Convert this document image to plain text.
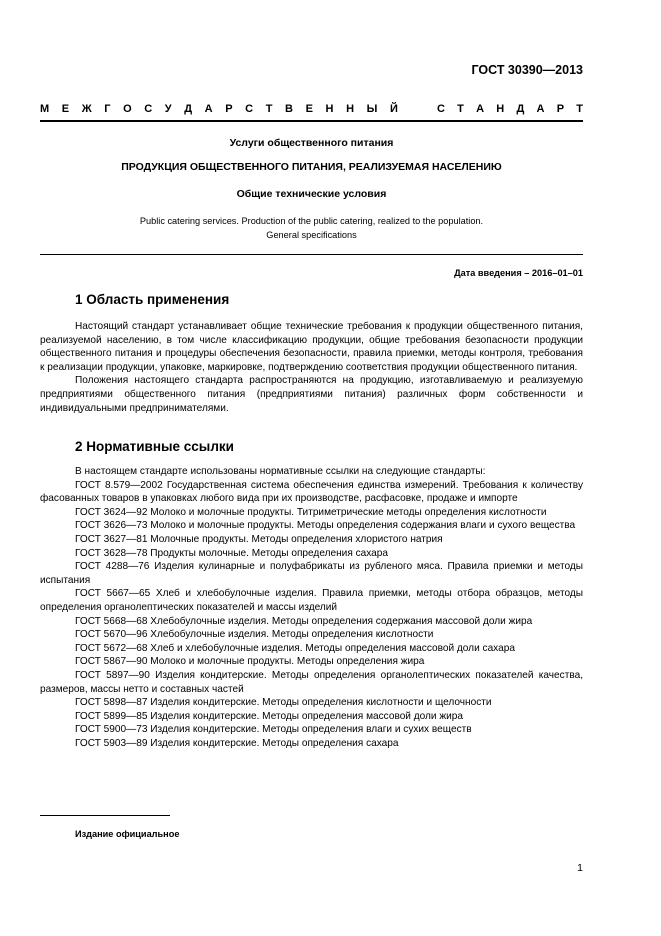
ГОСТ 30390—2013
М Е Ж Г О С У Д А Р С Т В Е Н Н Ы Й	С Т А Н Д А Р Т
Услуги общественного питания
ПРОДУКЦИЯ ОБЩЕСТВЕННОГО ПИТАНИЯ, РЕАЛИЗУЕМАЯ НАСЕЛЕНИЮ
Общие технические условия
Public catering services. Production of the public catering, realized to the population.
General specifications
Дата введения – 2016–01–01
1 Область применения

Настоящий стандарт устанавливает общие технические требования к продукции общественного питания, реализуемой населению, в том числе классификацию продукции, общие требования безопасности продукции общественного питания и процедуры обеспечения безопасности, правила приемки, методы контроля, требования к реализации продукции, упаковке, маркировке, подтверждению соответствия продукции общественного питания.

Положения настоящего стандарта распространяются на продукцию, изготавливаемую и реализуемую предприятиями общественного питания (предприятиями питания) различных форм собственности и индивидуальными предпринимателями.

2 Нормативные ссылки

В настоящем стандарте использованы нормативные ссылки на следующие стандарты:

ГОСТ 8.579—2002 Государственная система обеспечения единства измерений. Требования к количеству фасованных товаров в упаковках любого вида при их производстве, расфасовке, продаже и импорте

ГОСТ 3624—92 Молоко и молочные продукты. Титриметрические методы определения кислотности

ГОСТ 3626—73 Молоко и молочные продукты. Методы определения содержания влаги и сухого вещества

ГОСТ 3627—81 Молочные продукты. Методы определения хлористого натрия

ГОСТ 3628—78 Продукты молочные. Методы определения сахара

ГОСТ 4288—76 Изделия кулинарные и полуфабрикаты из рубленого мяса. Правила приемки и методы испытания

ГОСТ 5667—65 Хлеб и хлебобулочные изделия. Правила приемки, методы отбора образцов, методы определения органолептических показателей и массы изделий

ГОСТ 5668—68 Хлебобулочные изделия. Методы определения содержания массовой доли жира

ГОСТ 5670—96 Хлебобулочные изделия. Методы определения кислотности

ГОСТ 5672—68 Хлеб и хлебобулочные изделия. Методы определения массовой доли сахара

ГОСТ 5867—90 Молоко и молочные продукты. Методы определения жира

ГОСТ 5897—90 Изделия кондитерские. Методы определения органолептических показателей качества, размеров, массы нетто и составных частей

ГОСТ 5898—87 Изделия кондитерские. Методы определения кислотности и щелочности

ГОСТ 5899—85 Изделия кондитерские. Методы определения массовой доли жира

ГОСТ 5900—73 Изделия кондитерские. Методы определения влаги и сухих веществ

ГОСТ 5903—89 Изделия кондитерские. Методы определения сахара

Издание официальное
1
